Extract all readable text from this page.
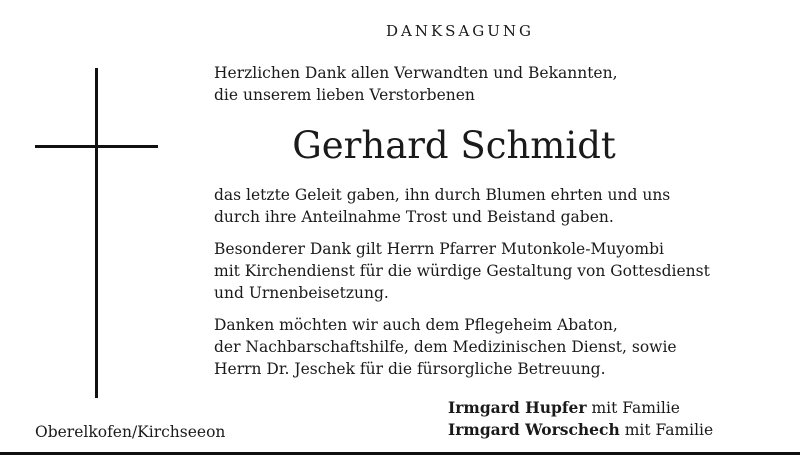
DANKSAGUNG

Herzlichen Dank allen Verwandten und Bekannten,

die unserem lieben Verstorbenen

Gerhard Schmidt

das letzte Geleit gaben, ihn durch Blumen ehrten und uns

durch ihre Anteilnahme Trost und Beistand gaben.

Besonderer Dank gilt Herrn Pfarrer Mutonkole-Muyombi

mit Kirchendienst für die würdige Gestaltung von Gottesdienst

und Urnenbeisetzung.

Danken möchten wir auch dem Pflegeheim Abaton,

der Nachbarschaftshilfe, dem Medizinischen Dienst, sowie

Herrn Dr. Jeschek für die fürsorgliche Betreuung.

Oberelkofen/Kirchseeon
Irmgard Hupfer mit Familie
Irmgard Worschech mit Familie
